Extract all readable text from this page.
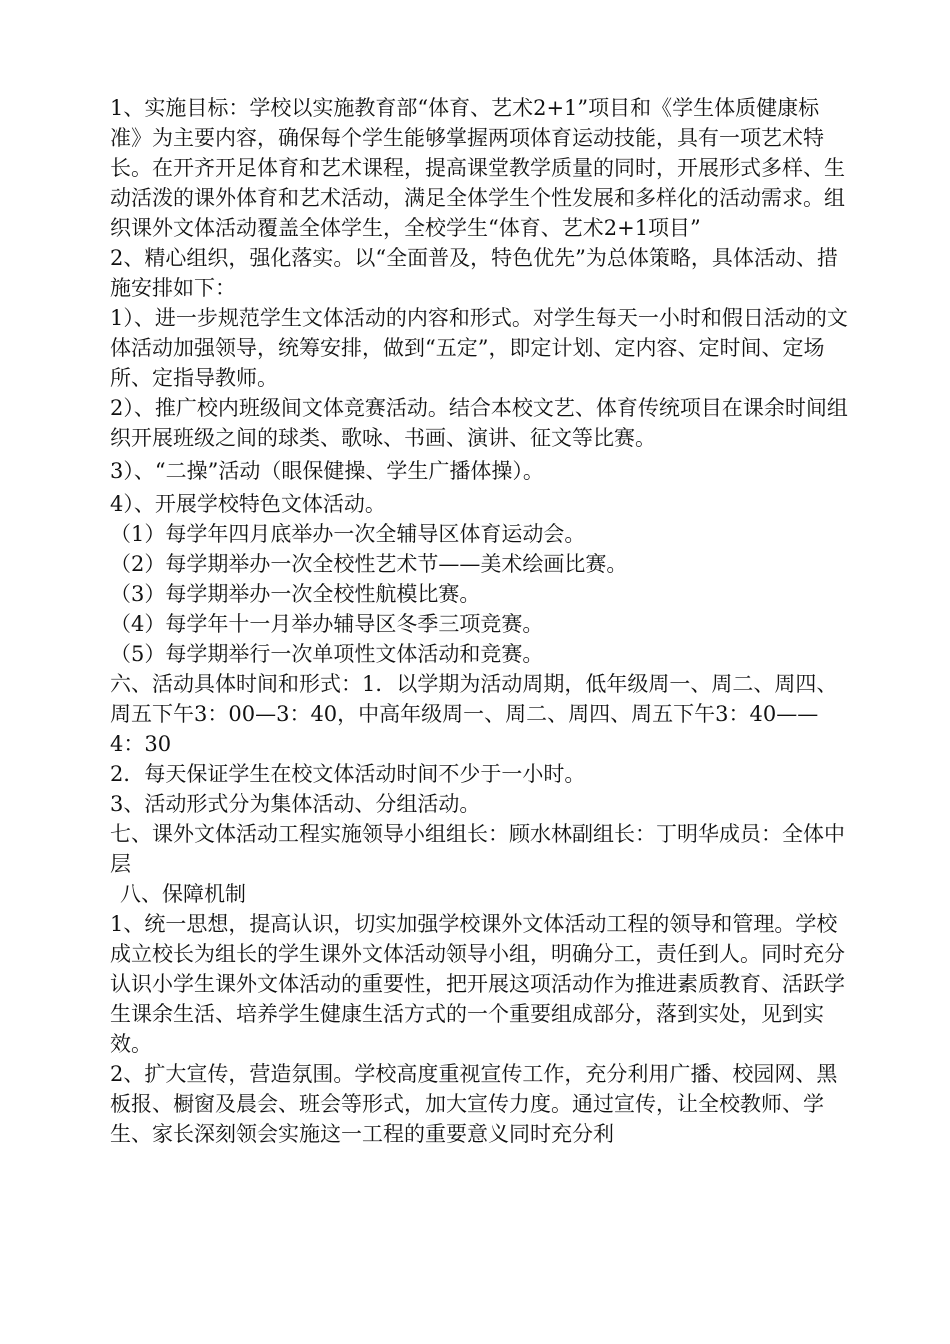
1、实施目标：学校以实施教育部“体育、艺术2+1”项目和《学生体质健康标准》为主要内容，确保每个学生能够掌握两项体育运动技能，具有一项艺术特长。在开齐开足体育和艺术课程，提高课堂教学质量的同时，开展形式多样、生动活泼的课外体育和艺术活动，满足全体学生个性发展和多样化的活动需求。组织课外文体活动覆盖全体学生，全校学生“体育、艺术2+1项目”

2、精心组织，强化落实。以“全面普及，特色优先”为总体策略，具体活动、措施安排如下：

1）、进一步规范学生文体活动的内容和形式。对学生每天一小时和假日活动的文体活动加强领导，统筹安排，做到“五定”，即定计划、定内容、定时间、定场所、定指导教师。

2）、推广校内班级间文体竞赛活动。结合本校文艺、体育传统项目在课余时间组织开展班级之间的球类、歌咏、书画、演讲、征文等比赛。

3）、“二操”活动（眼保健操、学生广播体操）。

4）、开展学校特色文体活动。

（1）每学年四月底举办一次全辅导区体育运动会。

（2）每学期举办一次全校性艺术节——美术绘画比赛。

（3）每学期举办一次全校性航模比赛。

（4）每学年十一月举办辅导区冬季三项竞赛。

（5）每学期举行一次单项性文体活动和竞赛。

六、活动具体时间和形式：1．以学期为活动周期，低年级周一、周二、周四、周五下午3：00—3：40，中高年级周一、周二、周四、周五下午3：40——4：30

2．每天保证学生在校文体活动时间不少于一小时。

3、活动形式分为集体活动、分组活动。

七、课外文体活动工程实施领导小组组长：顾水林副组长：丁明华成员：全体中层

八、保障机制

1、统一思想，提高认识，切实加强学校课外文体活动工程的领导和管理。学校成立校长为组长的学生课外文体活动领导小组，明确分工，责任到人。同时充分认识小学生课外文体活动的重要性，把开展这项活动作为推进素质教育、活跃学生课余生活、培养学生健康生活方式的一个重要组成部分，落到实处，见到实效。

2、扩大宣传，营造氛围。学校高度重视宣传工作，充分利用广播、校园网、黑板报、橱窗及晨会、班会等形式，加大宣传力度。通过宣传，让全校教师、学生、家长深刻领会实施这一工程的重要意义同时充分利
